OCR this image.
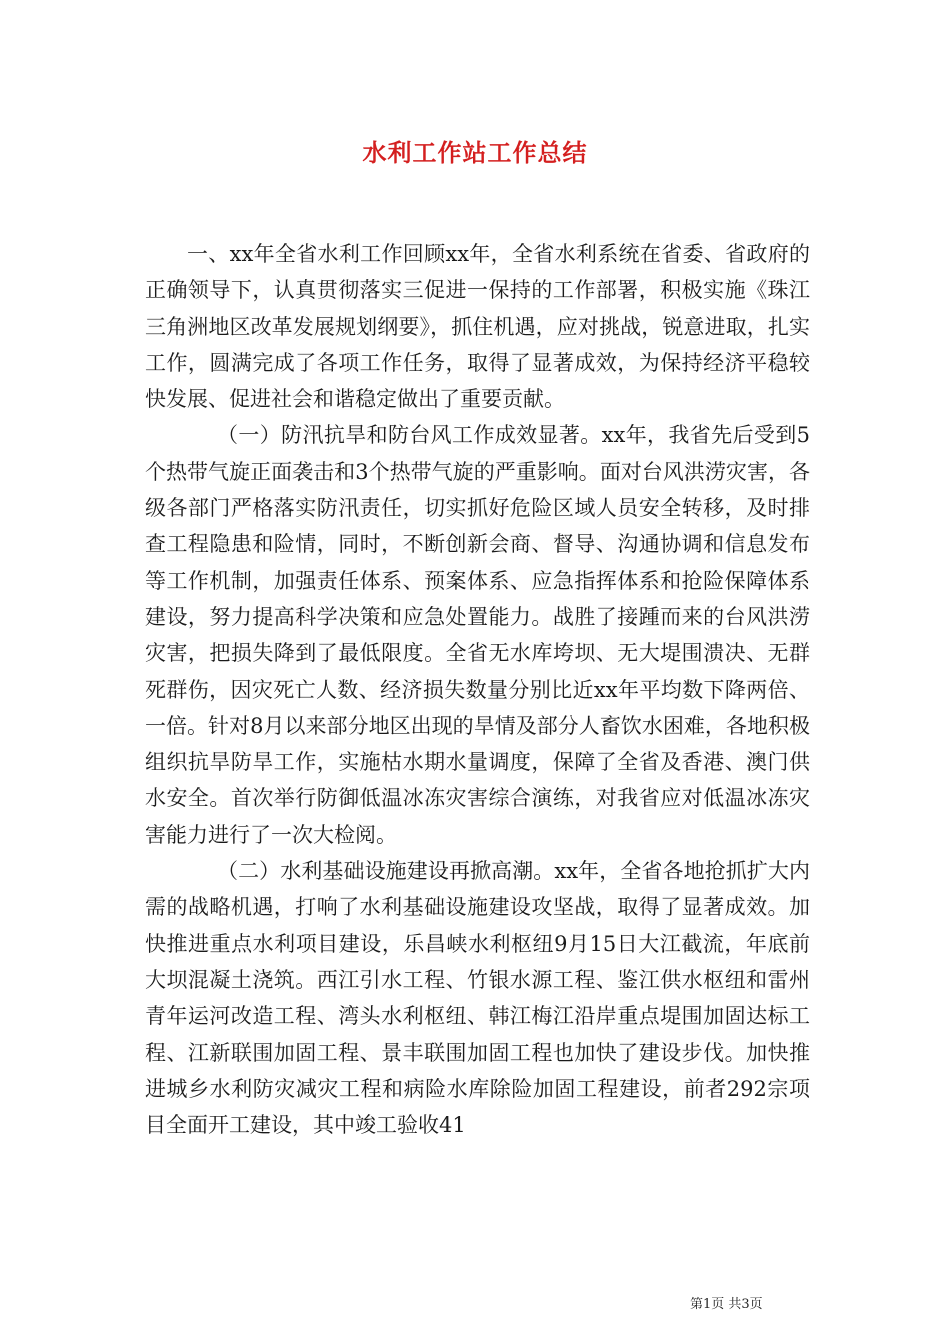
水利工作站工作总结

一、xx年全省水利工作回顾xx年，全省水利系统在省委、省政府的正确领导下，认真贯彻落实三促进一保持的工作部署，积极实施《珠江三角洲地区改革发展规划纲要》，抓住机遇，应对挑战，锐意进取，扎实工作，圆满完成了各项工作任务，取得了显著成效，为保持经济平稳较快发展、促进社会和谐稳定做出了重要贡献。

（一）防汛抗旱和防台风工作成效显著。xx年，我省先后受到5个热带气旋正面袭击和3个热带气旋的严重影响。面对台风洪涝灾害，各级各部门严格落实防汛责任，切实抓好危险区域人员安全转移，及时排查工程隐患和险情，同时，不断创新会商、督导、沟通协调和信息发布等工作机制，加强责任体系、预案体系、应急指挥体系和抢险保障体系建设，努力提高科学决策和应急处置能力。战胜了接踵而来的台风洪涝灾害，把损失降到了最低限度。全省无水库垮坝、无大堤围溃决、无群死群伤，因灾死亡人数、经济损失数量分别比近xx年平均数下降两倍、一倍。针对8月以来部分地区出现的旱情及部分人畜饮水困难，各地积极组织抗旱防旱工作，实施枯水期水量调度，保障了全省及香港、澳门供水安全。首次举行防御低温冰冻灾害综合演练，对我省应对低温冰冻灾害能力进行了一次大检阅。

（二）水利基础设施建设再掀高潮。xx年，全省各地抢抓扩大内需的战略机遇，打响了水利基础设施建设攻坚战，取得了显著成效。加快推进重点水利项目建设，乐昌峡水利枢纽9月15日大江截流，年底前大坝混凝土浇筑。西江引水工程、竹银水源工程、鉴江供水枢纽和雷州青年运河改造工程、湾头水利枢纽、韩江梅江沿岸重点堤围加固达标工程、江新联围加固工程、景丰联围加固工程也加快了建设步伐。加快推进城乡水利防灾减灾工程和病险水库除险加固工程建设，前者292宗项目全面开工建设，其中竣工验收41

第1页 共3页
